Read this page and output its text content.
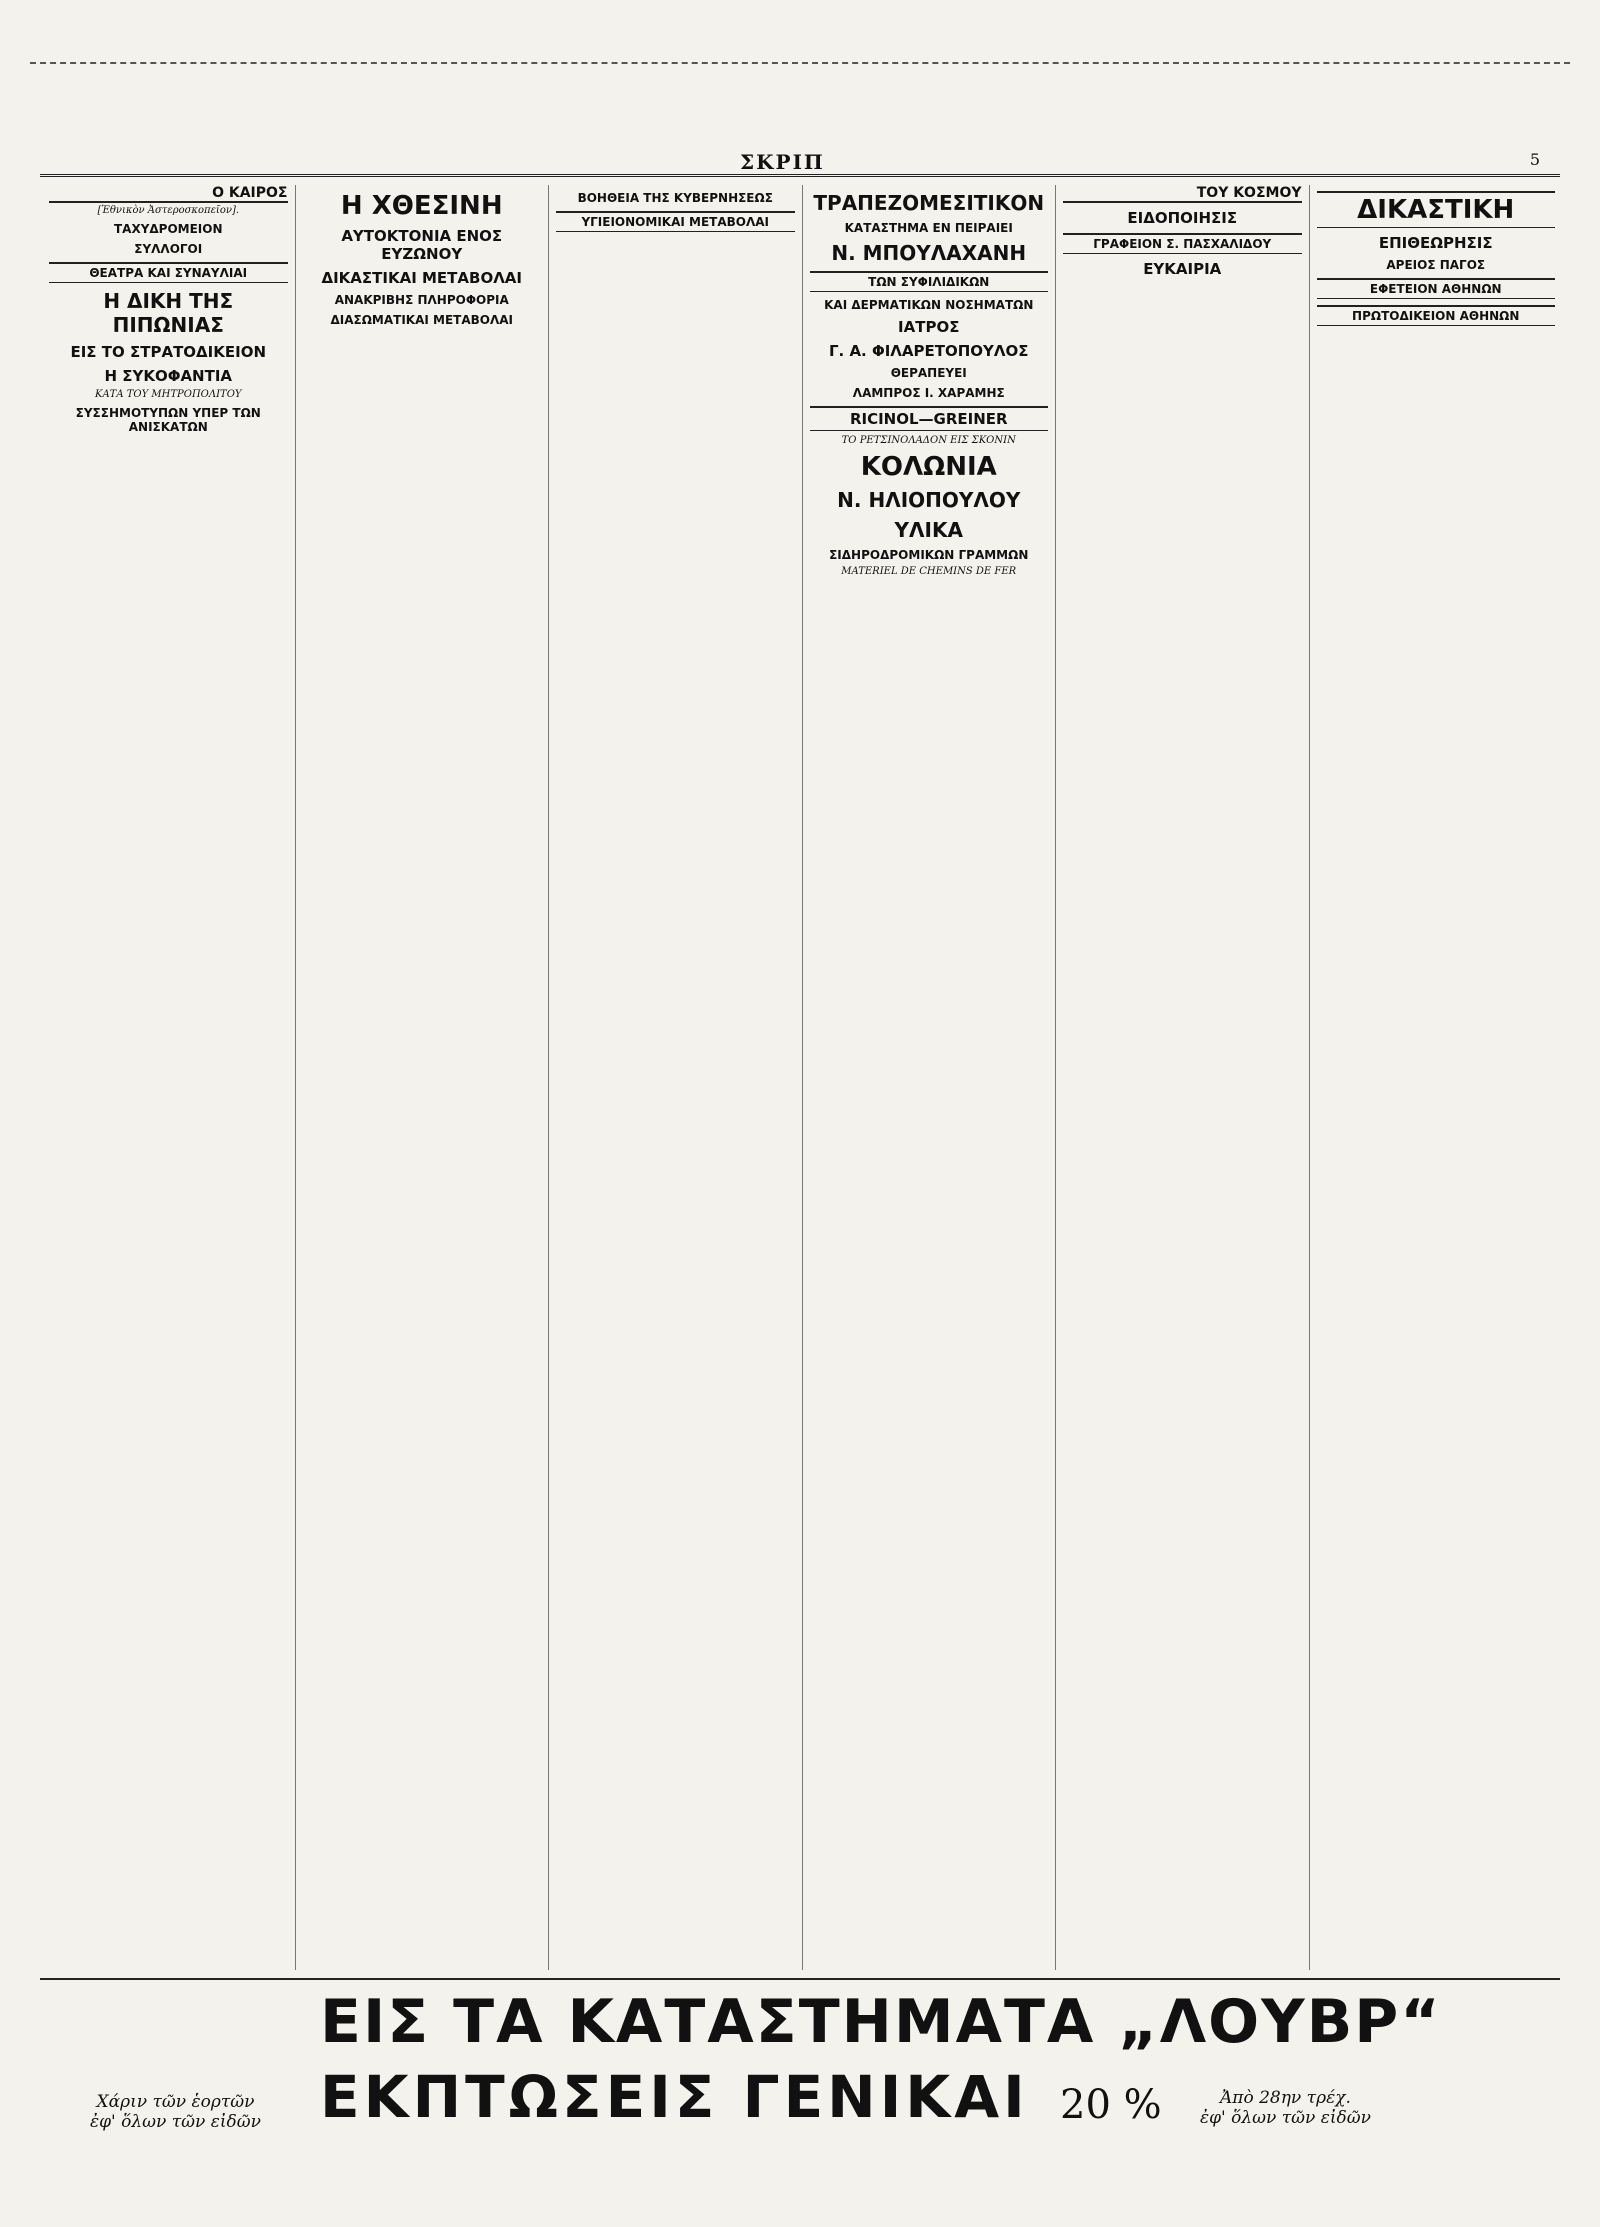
ΣΚΡΙΠ	5
Ο ΚΑΙΡΟΣ
[Ἐθνικὸν Ἀστεροσκοπεῖον].
ΤΑΧΥΔΡΟΜΕΙΟΝ
ΣΥΛΛΟΓΟΙ
ΘΕΑΤΡΑ ΚΑΙ ΣΥΝΑΥΛΙΑΙ
Η ΔΙΚΗ ΤΗΣ ΠΙΠΩΝΙΑΣ
ΕΙΣ ΤΟ ΣΤΡΑΤΟΔΙΚΕΙΟΝ
Η ΣΥΚΟΦΑΝΤΙΑ
ΚΑΤΑ ΤΟΥ ΜΗΤΡΟΠΟΛΙΤΟΥ
ΣΥΣΣΗΜΟΤΥΠΩΝ ΥΠΕΡ ΤΩΝ ΑΝΙΣΚΑΤΩΝ
Η ΧΘΕΣΙΝΗ
ΑΥΤΟΚΤΟΝΙΑ ΕΝΟΣ ΕΥΖΩΝΟΥ
ΔΙΚΑΣΤΙΚΑΙ ΜΕΤΑΒΟΛΑΙ
ΑΝΑΚΡΙΒΗΣ ΠΛΗΡΟΦΟΡΙΑ
ΔΙΑΣΩΜΑΤΙΚΑΙ ΜΕΤΑΒΟΛΑΙ
ΒΟΗΘΕΙΑ ΤΗΣ ΚΥΒΕΡΝΗΣΕΩΣ
ΥΓΙΕΙΟΝΟΜΙΚΑΙ ΜΕΤΑΒΟΛΑΙ
ΤΡΑΠΕΖΟΜΕΣΙΤΙΚΟΝ
ΚΑΤΑΣΤΗΜΑ ΕΝ ΠΕΙΡΑΙΕΙ
Ν. ΜΠΟΥΛΑΧΑΝΗ
ΤΩΝ ΣΥΦΙΛΙΔΙΚΩΝ
ΚΑΙ ΔΕΡΜΑΤΙΚΩΝ ΝΟΣΗΜΑΤΩΝ
ΙΑΤΡΟΣ
Γ. Α. ΦΙΛΑΡΕΤΟΠΟΥΛΟΣ
ΘΕΡΑΠΕΥΕΙ
ΛΑΜΠΡΟΣ Ι. ΧΑΡΑΜΗΣ
RICINOL—GREINER
ΤΟ ΡΕΤΣΙΝΟΛΑΔΟΝ ΕΙΣ ΣΚΟΝΙΝ
ΚΟΛΩΝΙΑ
Ν. ΗΛΙΟΠΟΥΛΟΥ
ΥΛΙΚΑ
ΣΙΔΗΡΟΔΡΟΜΙΚΩΝ ΓΡΑΜΜΩΝ
MATERIEL DE CHEMINS DE FER
ΤΟΥ ΚΟΣΜΟΥ
ΕΙΔΟΠΟΙΗΣΙΣ
ΓΡΑΦΕΙΟΝ Σ. ΠΑΣΧΑΛΙΔΟΥ
ΕΥΚΑΙΡΙΑ
ΔΙΚΑΣΤΙΚΗ
ΕΠΙΘΕΩΡΗΣΙΣ
ΑΡΕΙΟΣ ΠΑΓΟΣ
ΕΦΕΤΕΙΟΝ ΑΘΗΝΩΝ
ΠΡΩΤΟΔΙΚΕΙΟΝ ΑΘΗΝΩΝ
ΕΙΣ ΤΑ ΚΑΤΑΣΤΗΜΑΤΑ „ΛΟΥΒΡ“
ΕΚΠΤΩΣΕΙΣ ΓΕΝΙΚΑΙ 20 %
Χάριν τῶν ἑορτῶν
ἐφ' ὅλων τῶν εἰδῶν
Ἀπὸ 28ην τρέχ.
ἐφ' ὅλων τῶν εἰδῶν
